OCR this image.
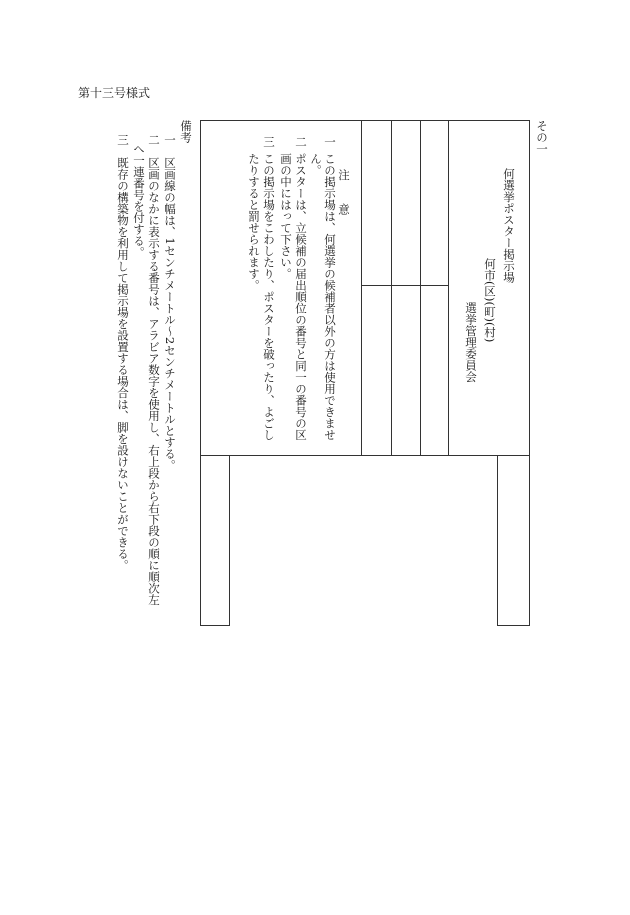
第十三号様式
その一
何選挙ポスター掲示場
何市(区)(町)(村)
選挙管理委員会
注　　意
一
この掲示場は、何選挙の候補者以外の方は使用できませ
ん。
二
ポスターは、立候補の届出順位の番号と同一の番号の区
画の中にはって下さい。
三
この掲示場をこわしたり、ポスターを破ったり、よごし
たりすると罰せられます。
備考
一
区画線の幅は、1センチメートル～2センチメートルとする。
二
区画のなかに表示する番号は、アラビア数字を使用し、右上段から右下段の順に順次左
へ一連番号を付する。
三
既存の構築物を利用して掲示場を設置する場合は、脚を設けないことができる。
